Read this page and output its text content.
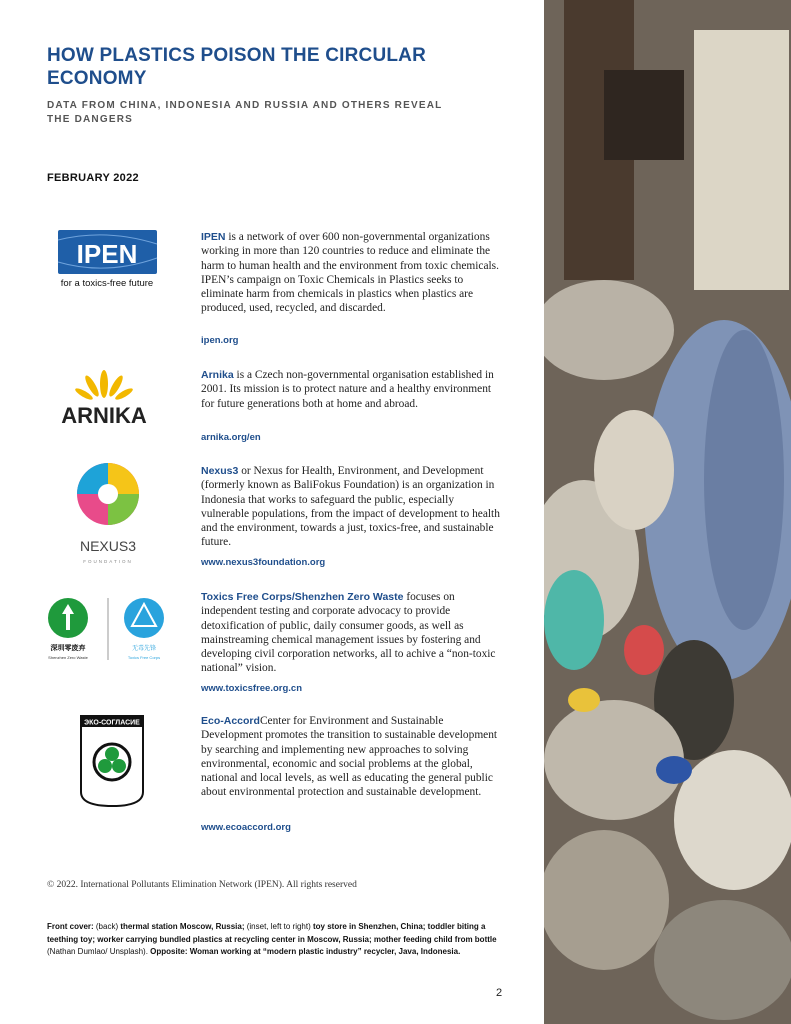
HOW PLASTICS POISON THE CIRCULAR ECONOMY
DATA FROM CHINA, INDONESIA AND RUSSIA AND OTHERS REVEAL THE DANGERS
FEBRUARY 2022
IPEN
for a toxics-free future
IPEN is a network of over 600 non-governmental organizations working in more than 120 countries to reduce and eliminate the harm to human health and the environment from toxic chemicals. IPEN’s campaign on Toxic Chemicals in Plastics seeks to eliminate harm from chemicals in plastics when plastics are produced, used, recycled, and discarded.
ipen.org
ARNIKA
Arnika is a Czech non-governmental organisation established in 2001. Its mission is to protect nature and a healthy environment for future generations both at home and abroad.
arnika.org/en
NEXUS3
FOUNDATION
Nexus3 or Nexus for Health, Environment, and Development (formerly known as BaliFokus Foundation) is an organization in Indonesia that works to safeguard the public, especially vulnerable populations, from the impact of development to health and the environment, towards a just, toxics-free, and sustainable future.
www.nexus3foundation.org
深圳零废弃
Shenzhen Zero Waste
无毒先锋
Toxics Free Corps
Toxics Free Corps/Shenzhen Zero Waste focuses on independent testing and corporate advocacy to provide detoxification of public, daily consumer goods, as well as mainstreaming chemical management issues by fostering and developing civil corporation networks, all to achive a “non-toxic national” vision.
www.toxicsfree.org.cn
ЭКО-СОГЛАСИЕ	Eco-AccordCenter for Environment and Sustainable Development promotes the transition to sustainable development by searching and implementing new approaches to solving environmental, economic and social problems at the global, national and local levels, as well as educating the general public about environmental protection and sustainable development.
www.ecoaccord.org
© 2022. International Pollutants Elimination Network (IPEN). All rights reserved
Front cover: (back) thermal station Moscow, Russia; (inset, left to right) toy store in Shenzhen, China; toddler biting a teething toy; worker carrying bundled plastics at recycling center in Moscow, Russia; mother feeding child from bottle (Nathan Dumlao/ Unsplash). Opposite: Woman working at “modern plastic industry” recycler, Java, Indonesia.
2
